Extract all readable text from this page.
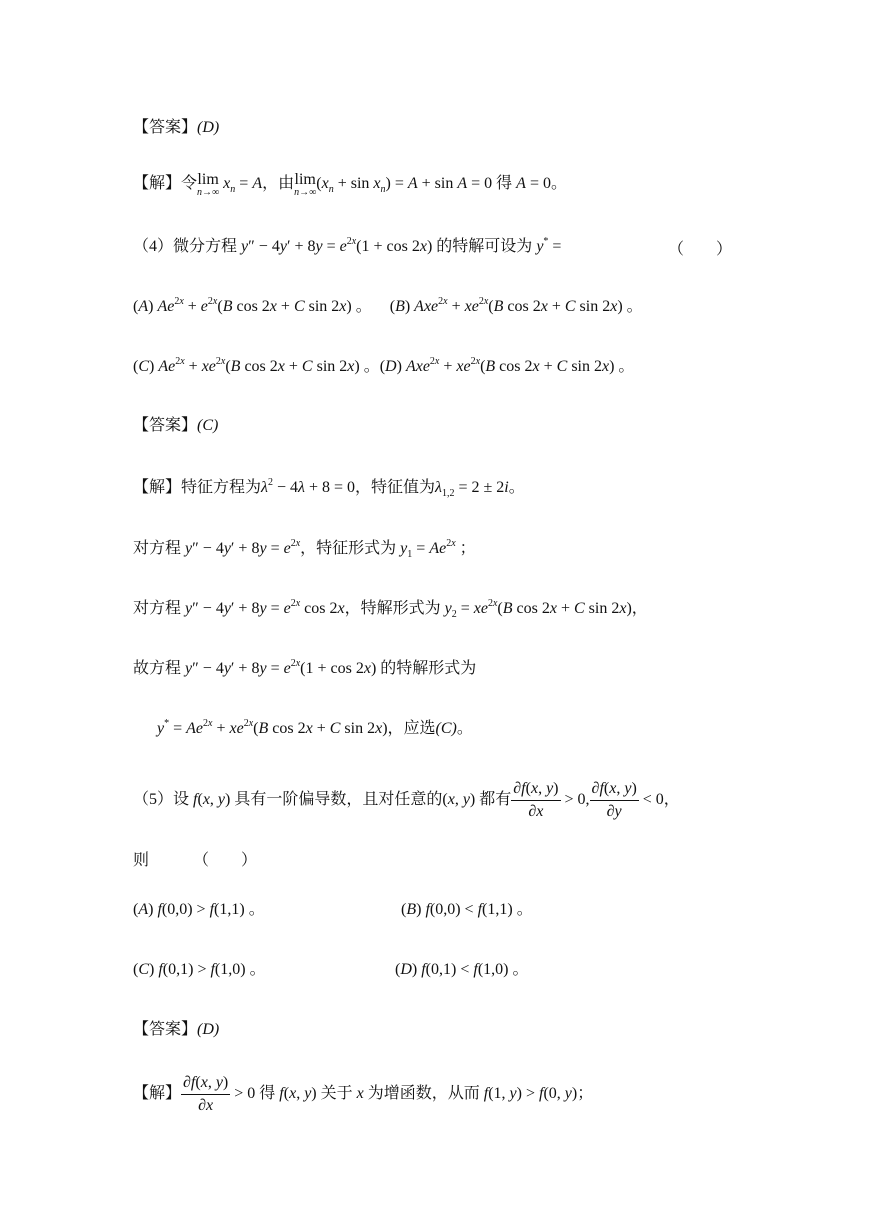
【答案】(D)
【解】令lim
n→∞
$x_n = A$，由lim
n→∞
$(x_n + \sin x_n) = A + \sin A = 0$ 得 A = 0。
（4）微分方程 $y'' - 4y' + 8y = e^{2x}(1 + \cos 2x)$ 的特解可设为 y* =	（　　）
(A) $Ae^{2x} + e^{2x}(B$ cos 2x + C sin 2x) 。 (B) $Axe^{2x} + xe^{2x}(B$ cos 2x + C sin 2x) 。
(C) $Ae^{2x} + xe^{2x}(B$ cos 2x + C sin 2x) 。(D) $Axe^{2x} + xe^{2x}(B$ cos 2x + C sin 2x) 。
【答案】(C)
【解】特征方程为$\lambda^2 - 4\lambda + 8 = 0$，特征值为$\lambda_{1,2} = 2 \pm 2i$。
对方程 $y'' - 4y' + 8y = e^{2x}$，特征形式为 $y_1 = Ae^{2x}$ ；
对方程 $y'' - 4y' + 8y = e^{2x}$ cos 2x，特解形式为 $y_2 = xe^{2x}(B$ cos 2x + C sin 2x)，
故方程 $y'' - 4y' + 8y = e^{2x}(1 + \cos 2x)$ 的特解形式为
$y^* = Ae^{2x} + xe^{2x}(B$ cos 2x + C sin 2x)，应选(C)。
（5）设 f(x, y) 具有一阶偏导数，且对任意的(x, y) 都有 $\frac{\partial f(x, y)}{\partial x} > 0$, $\frac{\partial f(x, y)}{\partial y} < 0$，
则	（　　）
(A) f(0,0) > f(1,1) 。	(B) f(0,0) < f(1,1) 。
(C) f(0,1) > f(1,0) 。	(D) f(0,1) < f(1,0) 。
【答案】(D)
【解】 $\frac{\partial f(x, y)}{\partial x} > 0$ 得 f(x, y) 关于 x 为增函数，从而 f(1, y) > f(0, y)；
